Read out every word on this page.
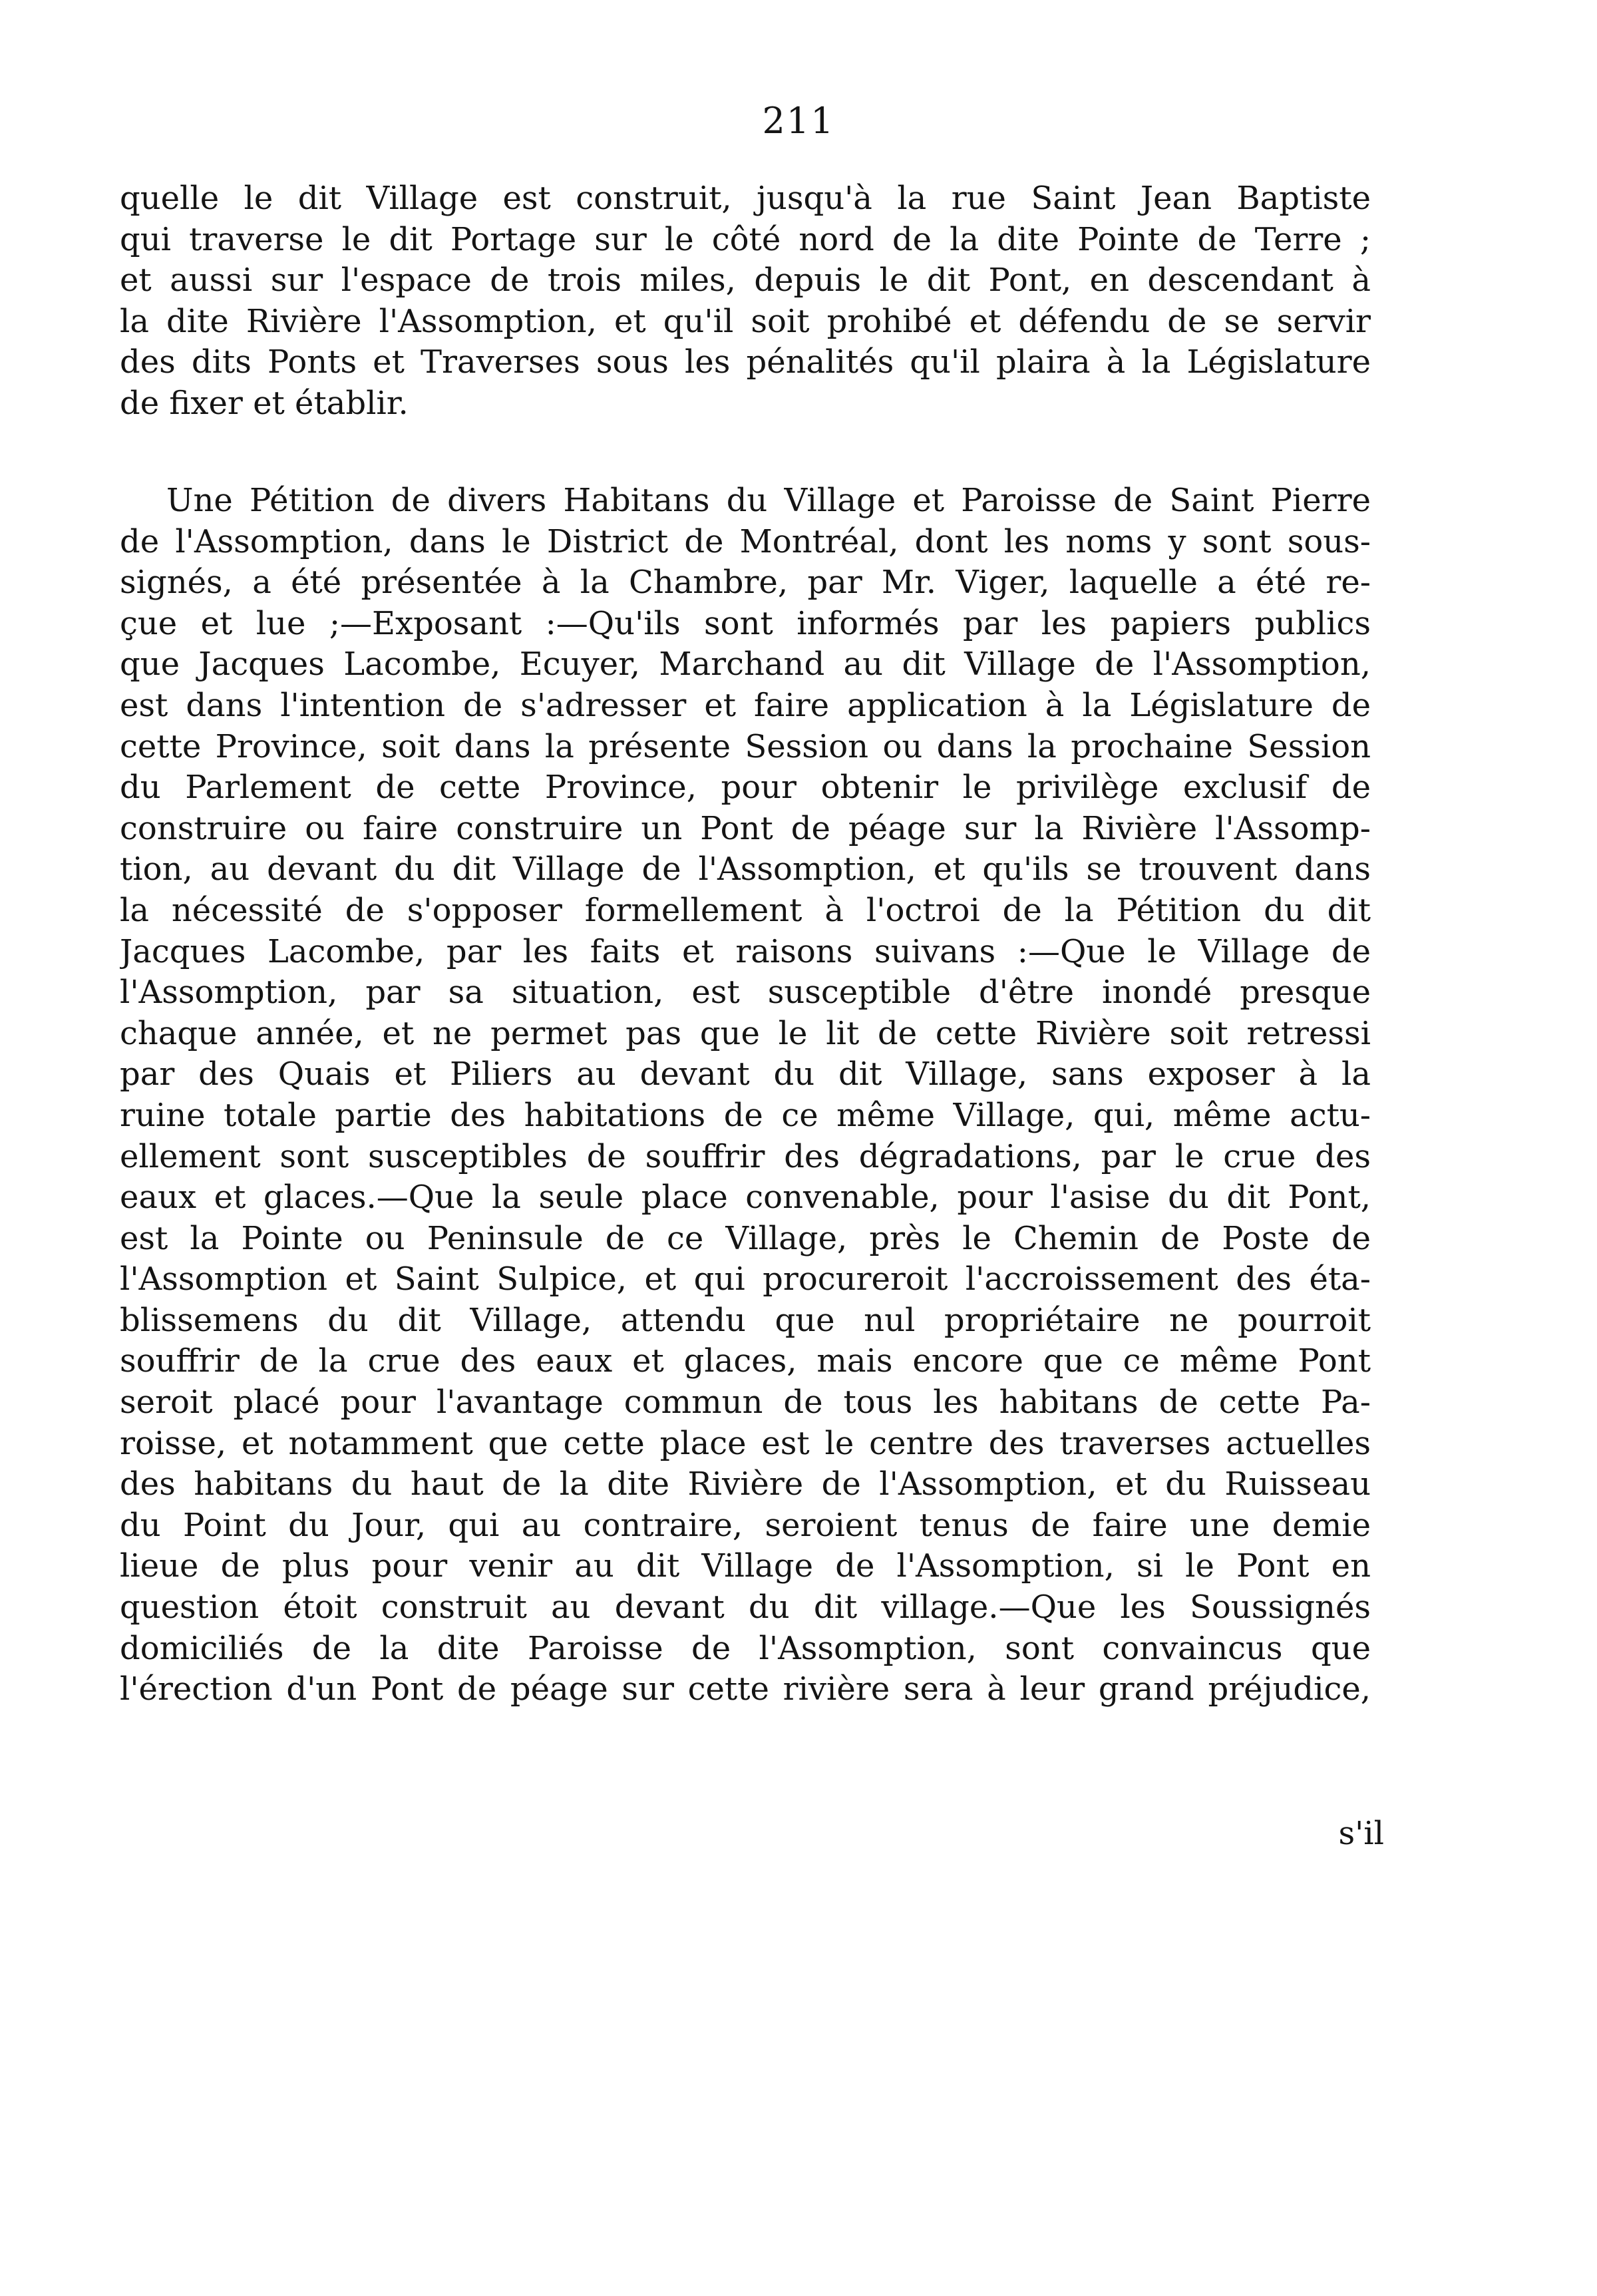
211
quelle le dit Village est construit, jusqu'à la rue Saint Jean Baptiste
qui traverse le dit Portage sur le côté nord de la dite Pointe de Terre ;
et aussi sur l'espace de trois miles, depuis le dit Pont, en descendant à
la dite Rivière l'Assomption, et qu'il soit prohibé et défendu de se servir
des dits Ponts et Traverses sous les pénalités qu'il plaira à la Législature
de fixer et établir.
Une Pétition de divers Habitans du Village et Paroisse de Saint Pierre
de l'Assomption, dans le District de Montréal, dont les noms y sont sous-
signés, a été présentée à la Chambre, par Mr. Viger, laquelle a été re-
çue et lue ;—Exposant :—Qu'ils sont informés par les papiers publics
que Jacques Lacombe, Ecuyer, Marchand au dit Village de l'Assomption,
est dans l'intention de s'adresser et faire application à la Législature de
cette Province, soit dans la présente Session ou dans la prochaine Session
du Parlement de cette Province, pour obtenir le privilège exclusif de
construire ou faire construire un Pont de péage sur la Rivière l'Assomp-
tion, au devant du dit Village de l'Assomption, et qu'ils se trouvent dans
la nécessité de s'opposer formellement à l'octroi de la Pétition du dit
Jacques Lacombe, par les faits et raisons suivans :—Que le Village de
l'Assomption, par sa situation, est susceptible d'être inondé presque
chaque année, et ne permet pas que le lit de cette Rivière soit retressi
par des Quais et Piliers au devant du dit Village, sans exposer à la
ruine totale partie des habitations de ce même Village, qui, même actu-
ellement sont susceptibles de souffrir des dégradations, par le crue des
eaux et glaces.—Que la seule place convenable, pour l'asise du dit Pont,
est la Pointe ou Peninsule de ce Village, près le Chemin de Poste de
l'Assomption et Saint Sulpice, et qui procureroit l'accroissement des éta-
blissemens du dit Village, attendu que nul propriétaire ne pourroit
souffrir de la crue des eaux et glaces, mais encore que ce même Pont
seroit placé pour l'avantage commun de tous les habitans de cette Pa-
roisse, et notamment que cette place est le centre des traverses actuelles
des habitans du haut de la dite Rivière de l'Assomption, et du Ruisseau
du Point du Jour, qui au contraire, seroient tenus de faire une demie
lieue de plus pour venir au dit Village de l'Assomption, si le Pont en
question étoit construit au devant du dit village.—Que les Soussignés
domiciliés de la dite Paroisse de l'Assomption, sont convaincus que
l'érection d'un Pont de péage sur cette rivière sera à leur grand préjudice,
s'il
